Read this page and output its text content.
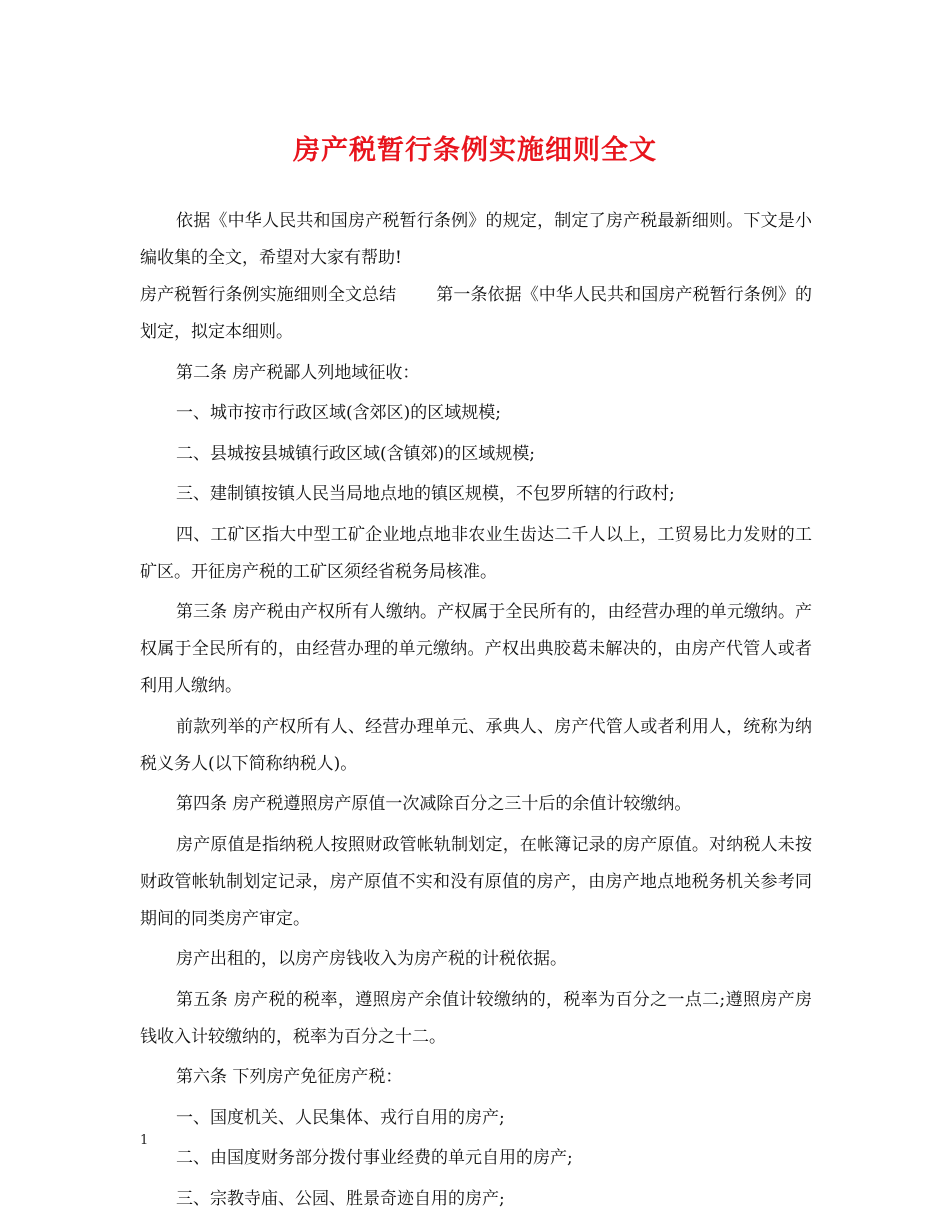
房产税暂行条例实施细则全文

依据《中华人民共和国房产税暂行条例》的规定，制定了房产税最新细则。下文是小编收集的全文，希望对大家有帮助!

房产税暂行条例实施细则全文总结 第一条依据《中华人民共和国房产税暂行条例》的划定，拟定本细则。

第二条 房产税鄙人列地域征收：

一、城市按市行政区域(含郊区)的区域规模;

二、县城按县城镇行政区域(含镇郊)的区域规模;

三、建制镇按镇人民当局地点地的镇区规模，不包罗所辖的行政村;

四、工矿区指大中型工矿企业地点地非农业生齿达二千人以上，工贸易比力发财的工矿区。开征房产税的工矿区须经省税务局核准。

第三条 房产税由产权所有人缴纳。产权属于全民所有的，由经营办理的单元缴纳。产权属于全民所有的，由经营办理的单元缴纳。产权出典胶葛未解决的，由房产代管人或者利用人缴纳。

前款列举的产权所有人、经营办理单元、承典人、房产代管人或者利用人，统称为纳税义务人(以下简称纳税人)。

第四条 房产税遵照房产原值一次减除百分之三十后的余值计较缴纳。

房产原值是指纳税人按照财政管帐轨制划定，在帐簿记录的房产原值。对纳税人未按财政管帐轨制划定记录，房产原值不实和没有原值的房产，由房产地点地税务机关参考同期间的同类房产审定。

房产出租的，以房产房钱收入为房产税的计税依据。

第五条 房产税的税率，遵照房产余值计较缴纳的，税率为百分之一点二;遵照房产房钱收入计较缴纳的，税率为百分之十二。

第六条 下列房产免征房产税：

一、国度机关、人民集体、戎行自用的房产;

二、由国度财务部分拨付事业经费的单元自用的房产;

三、宗教寺庙、公园、胜景奇迹自用的房产;

1
